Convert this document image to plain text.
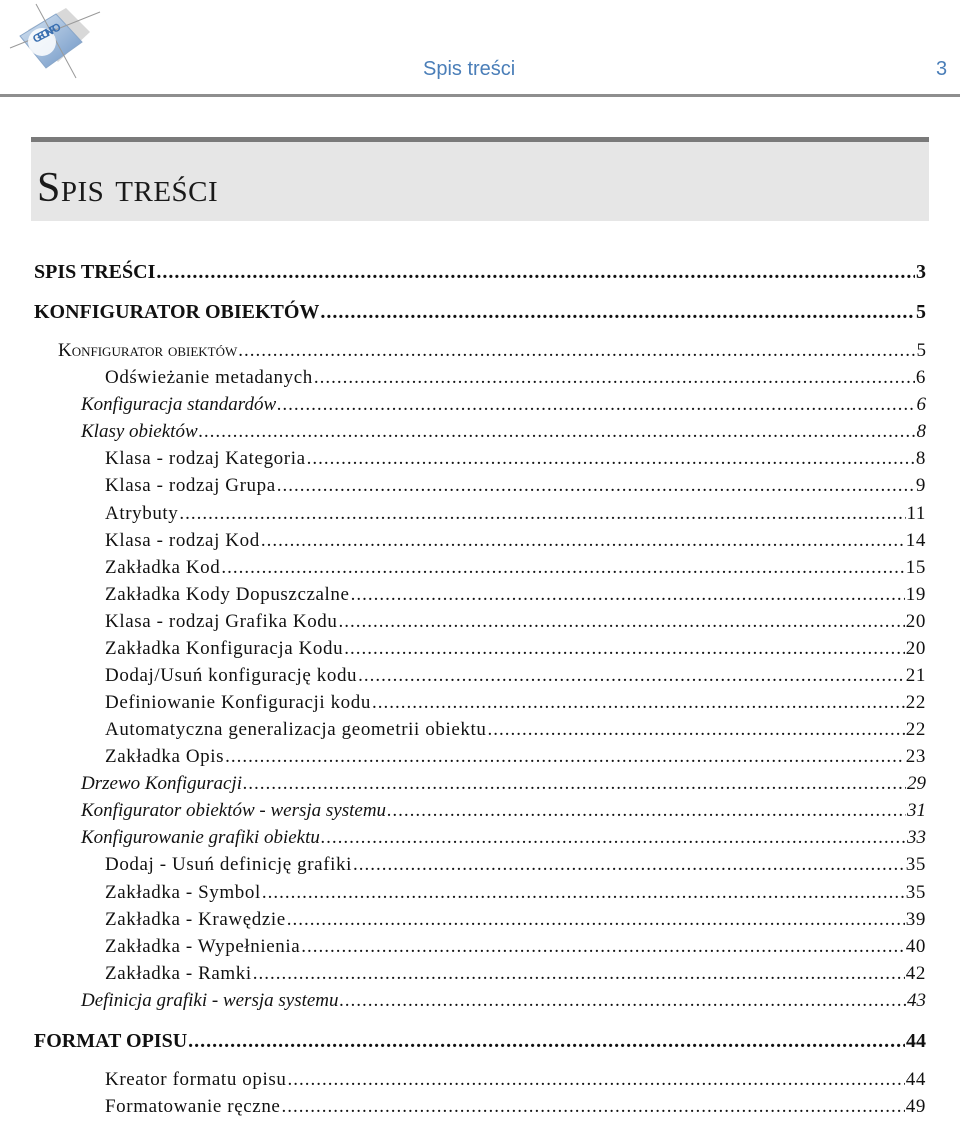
GEO-INFO
Spis treści	3
Spis treści
SPIS TREŚCI .....	3
KONFIGURATOR OBIEKTÓW .....	5
Konfigurator obiektów .....	5
Odświeżanie metadanych .....	6
Konfiguracja standardów .....	6
Klasy obiektów .....	8
Klasa - rodzaj Kategoria .....	8
Klasa - rodzaj Grupa .....	9
Atrybuty .....	11
Klasa - rodzaj Kod .....	14
Zakładka Kod .....	15
Zakładka Kody Dopuszczalne .....	19
Klasa - rodzaj Grafika Kodu .....	20
Zakładka Konfiguracja Kodu .....	20
Dodaj/Usuń konfigurację kodu .....	21
Definiowanie Konfiguracji kodu .....	22
Automatyczna generalizacja geometrii obiektu .....	22
Zakładka Opis .....	23
Drzewo Konfiguracji .....	29
Konfigurator obiektów - wersja systemu .....	31
Konfigurowanie grafiki obiektu .....	33
Dodaj - Usuń definicję grafiki .....	35
Zakładka - Symbol .....	35
Zakładka - Krawędzie .....	39
Zakładka - Wypełnienia .....	40
Zakładka - Ramki .....	42
Definicja grafiki - wersja systemu .....	43
FORMAT OPISU .....	44
Kreator formatu opisu .....	44
Formatowanie ręczne .....	49
